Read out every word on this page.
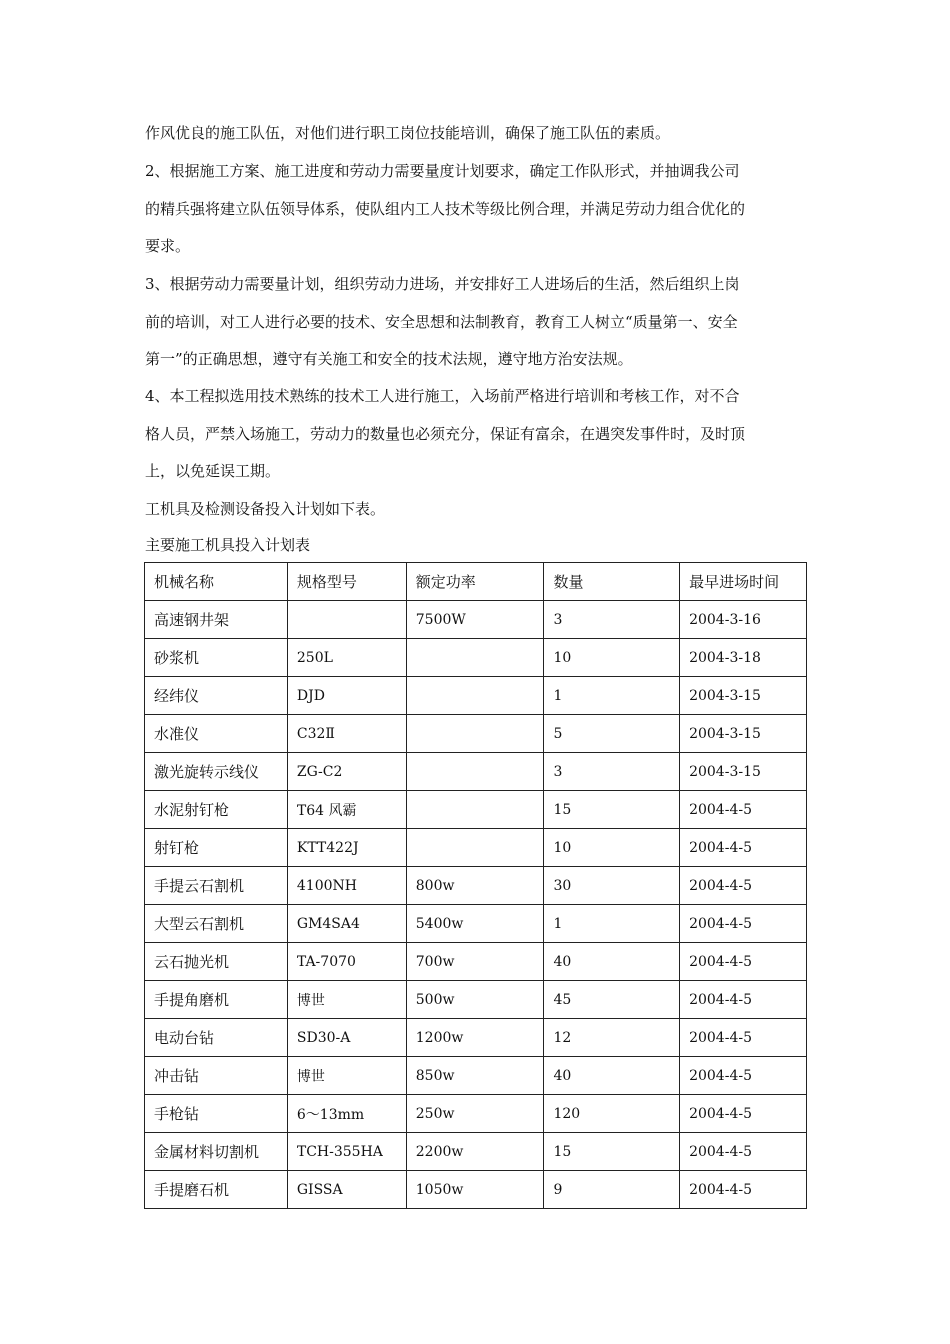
作风优良的施工队伍，对他们进行职工岗位技能培训，确保了施工队伍的素质。

2、根据施工方案、施工进度和劳动力需要量度计划要求，确定工作队形式，并抽调我公司
的精兵强将建立队伍领导体系，使队组内工人技术等级比例合理，并满足劳动力组合优化的
要求。

3、根据劳动力需要量计划，组织劳动力进场，并安排好工人进场后的生活，然后组织上岗
前的培训，对工人进行必要的技术、安全思想和法制教育，教育工人树立“质量第一、安全
第一”的正确思想，遵守有关施工和安全的技术法规，遵守地方治安法规。

4、本工程拟选用技术熟练的技术工人进行施工，入场前严格进行培训和考核工作，对不合
格人员，严禁入场施工，劳动力的数量也必须充分，保证有富余，在遇突发事件时，及时顶
上，以免延误工期。

工机具及检测设备投入计划如下表。

主要施工机具投入计划表

机械名称	规格型号	额定功率	数量	最早进场时间
高速钢井架		7500W	3	2004-3-16
砂浆机	250L		10	2004-3-18
经纬仪	DJD		1	2004-3-15
水准仪	C32Ⅱ		5	2004-3-15
激光旋转示线仪	ZG-C2		3	2004-3-15
水泥射钉枪	T64 风霸		15	2004-4-5
射钉枪	KTT422J		10	2004-4-5
手提云石割机	4100NH	800w	30	2004-4-5
大型云石割机	GM4SA4	5400w	1	2004-4-5
云石抛光机	TA-7070	700w	40	2004-4-5
手提角磨机	博世	500w	45	2004-4-5
电动台钻	SD30-A	1200w	12	2004-4-5
冲击钻	博世	850w	40	2004-4-5
手枪钻	6～13mm	250w	120	2004-4-5
金属材料切割机	TCH-355HA	2200w	15	2004-4-5
手提磨石机	GISSA	1050w	9	2004-4-5
